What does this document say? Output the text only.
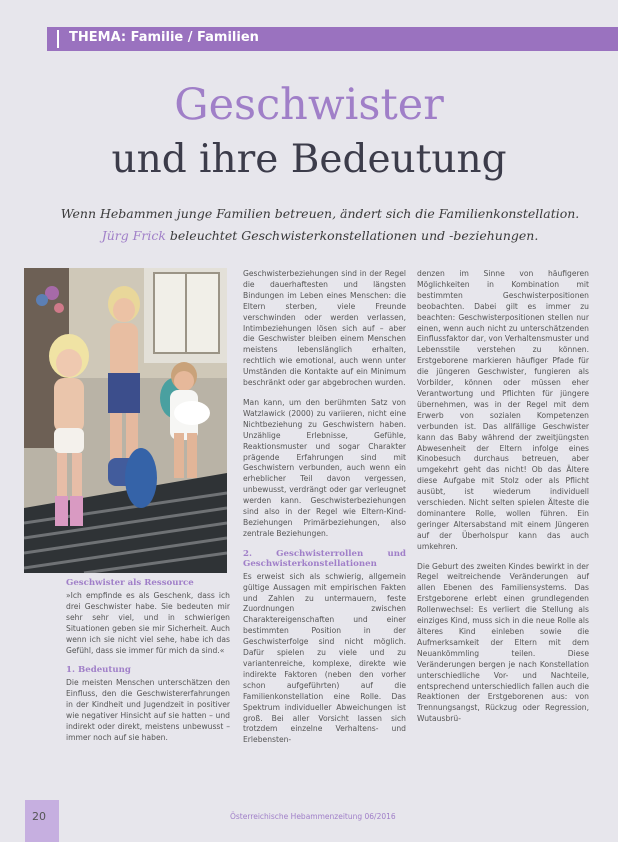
THEMA: Familie / Familien
Geschwister
und ihre Bedeutung
Wenn Hebammen junge Familien betreuen, ändert sich die Familienkonstellation.
Jürg Frick beleuchtet Geschwisterkonstellationen und -beziehungen.
Geschwister als Ressource

»Ich empfinde es als Geschenk, dass ich drei Geschwister habe. Sie bedeuten mir sehr sehr viel, und in schwierigen Situationen geben sie mir Sicherheit. Auch wenn ich sie nicht viel sehe, habe ich das Gefühl, dass sie immer für mich da sind.«

1. Bedeutung

Die meisten Menschen unterschätzen den Einfluss, den die Geschwistererfahrungen in der Kindheit und Jugendzeit in positiver wie negativer Hinsicht auf sie hatten – und indirekt oder direkt, meistens unbewusst – immer noch auf sie haben.

Geschwisterbeziehungen sind in der Regel die dauerhaftesten und längsten Bindungen im Leben eines Menschen: die Eltern sterben, viele Freunde verschwinden oder werden verlassen, Intimbeziehungen lösen sich auf – aber die Geschwister bleiben einem Menschen meistens lebenslänglich erhalten, rechtlich wie emotional, auch wenn unter Umständen die Kontakte auf ein Minimum beschränkt oder gar abgebrochen wurden.

Man kann, um den berühmten Satz von Watzlawick (2000) zu variieren, nicht eine Nichtbeziehung zu Geschwistern haben. Unzählige Erlebnisse, Gefühle, Reaktionsmuster und sogar Charakter prägende Erfahrungen sind mit Geschwistern verbunden, auch wenn ein erheblicher Teil davon vergessen, unbewusst, verdrängt oder gar verleugnet werden kann. Geschwisterbeziehungen sind also in der Regel wie Eltern-Kind-Beziehungen Primärbeziehungen, also zentrale Beziehungen.

2. Geschwisterrollen und Geschwisterkonstellationen

Es erweist sich als schwierig, allgemein gültige Aussagen mit empirischen Fakten und Zahlen zu untermauern, feste Zuordnungen zwischen Charaktereigenschaften und einer bestimmten Position in der Geschwisterfolge sind nicht möglich. Dafür spielen zu viele und zu variantenreiche, komplexe, direkte wie indirekte Faktoren (neben den vorher schon aufgeführten) auf die Familienkonstellation eine Rolle. Das Spektrum individueller Abweichungen ist groß. Bei aller Vorsicht lassen sich trotzdem einzelne Verhaltens- und Erlebensten-

denzen im Sinne von häufigeren Möglichkeiten in Kombination mit bestimmten Geschwisterpositionen beobachten. Dabei gilt es immer zu beachten: Geschwisterpositionen stellen nur einen, wenn auch nicht zu unterschätzenden Einflussfaktor dar, von Verhaltensmuster und Lebensstile verstehen zu können. Erstgeborene markieren häufiger Pfade für die jüngeren Geschwister, fungieren als Vorbilder, können oder müssen eher Verantwortung und Pflichten für jüngere übernehmen, was in der Regel mit dem Erwerb von sozialen Kompetenzen verbunden ist. Das allfällige Geschwister kann das Baby während der zweitjüngsten Abwesenheit der Eltern infolge eines Kinobesuch durchaus betreuen, aber umgekehrt geht das nicht! Ob das Ältere diese Aufgabe mit Stolz oder als Pflicht ausübt, ist wiederum individuell verschieden. Nicht selten spielen Älteste die dominantere Rolle, wollen führen. Ein geringer Altersabstand mit einem Jüngeren auf der Überholspur kann das auch umkehren.

Die Geburt des zweiten Kindes bewirkt in der Regel weitreichende Veränderungen auf allen Ebenen des Familiensystems. Das Erstgeborene erlebt einen grundlegenden Rollenwechsel: Es verliert die Stellung als einziges Kind, muss sich in die neue Rolle als älteres Kind einleben sowie die Aufmerksamkeit der Eltern mit dem Neuankömmling teilen. Diese Veränderungen bergen je nach Konstellation unterschiedliche Vor- und Nachteile, entsprechend unterschiedlich fallen auch die Reaktionen der Erstgeborenen aus: von Trennungsangst, Rückzug oder Regression, Wutausbrü-

20	Österreichische Hebammenzeitung 06/2016
